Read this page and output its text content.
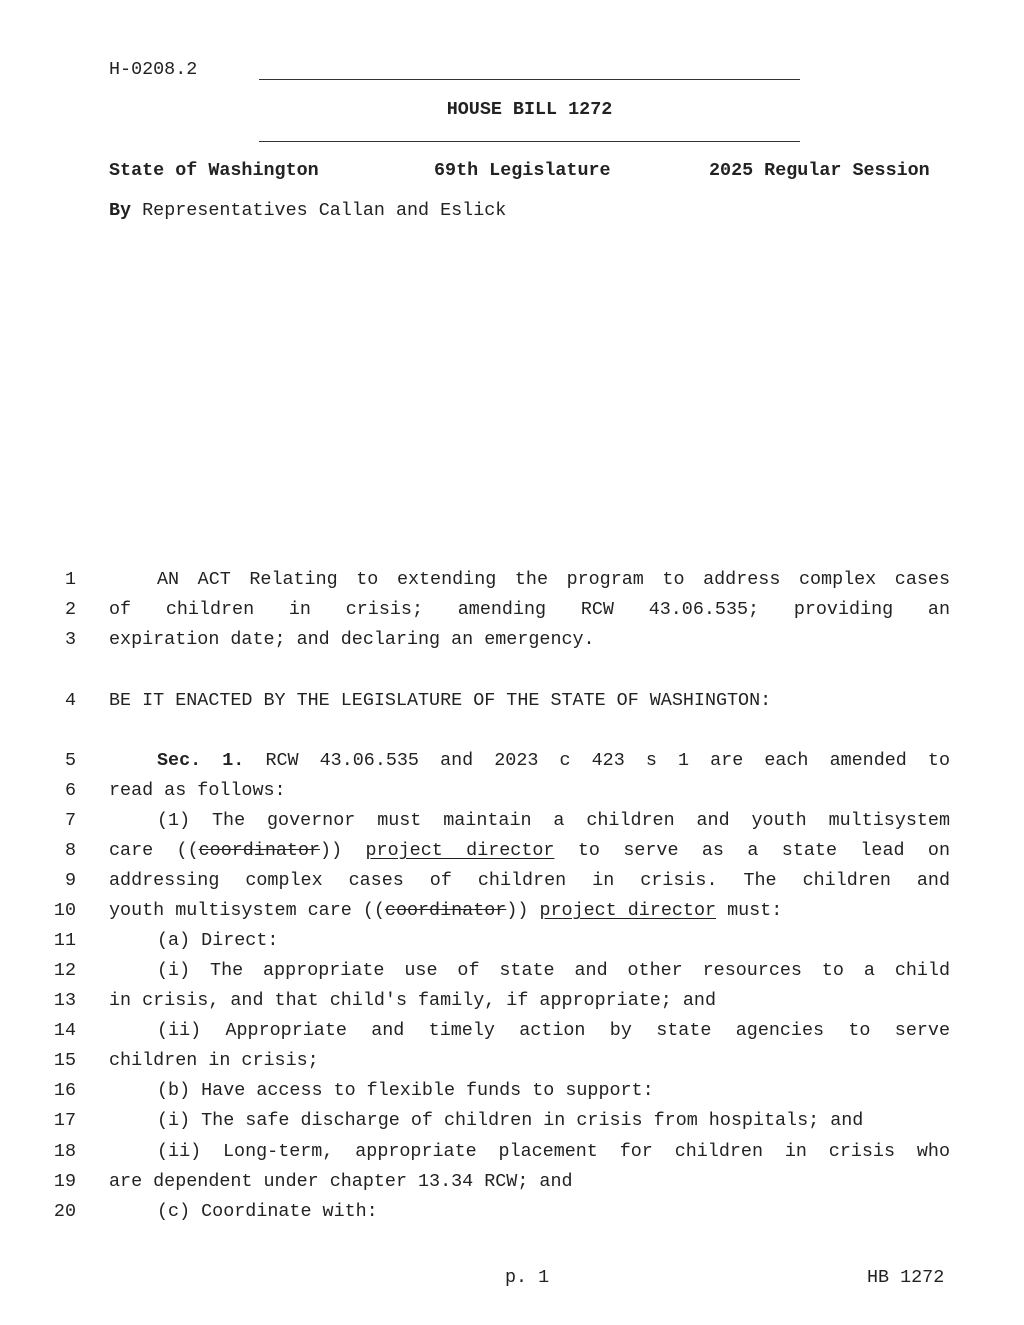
H-0208.2
HOUSE BILL 1272
State of Washington	69th Legislature	2025 Regular Session
By Representatives Callan and Eslick
1
2
3
4
5
6
7
8
9
10
11
12
13
14
15
16
17
18
19
20
AN ACT Relating to extending the program to address complex cases
of children in crisis; amending RCW 43.06.535; providing an
expiration date; and declaring an emergency.
BE IT ENACTED BY THE LEGISLATURE OF THE STATE OF WASHINGTON:
Sec. 1. RCW 43.06.535 and 2023 c 423 s 1 are each amended to
read as follows:
(1) The governor must maintain a children and youth multisystem
care ((coordinator)) project director to serve as a state lead on
addressing complex cases of children in crisis. The children and
youth multisystem care ((coordinator)) project director must:
(a) Direct:
(i) The appropriate use of state and other resources to a child
in crisis, and that child's family, if appropriate; and
(ii) Appropriate and timely action by state agencies to serve
children in crisis;
(b) Have access to flexible funds to support:
(i) The safe discharge of children in crisis from hospitals; and
(ii) Long-term, appropriate placement for children in crisis who
are dependent under chapter 13.34 RCW; and
(c) Coordinate with:
p. 1	HB 1272
